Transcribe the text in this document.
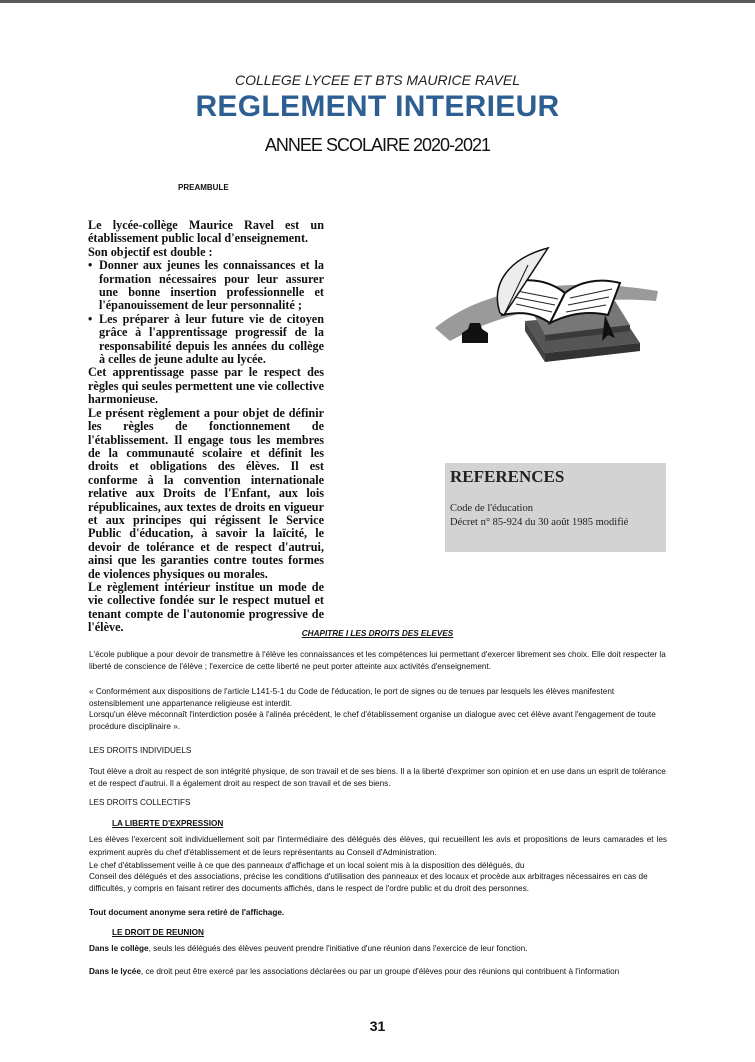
COLLEGE LYCEE ET BTS MAURICE RAVEL
REGLEMENT INTERIEUR
ANNEE SCOLAIRE 2020-2021
PREAMBULE

Le lycée-collège Maurice Ravel est un établissement public local d'enseignement.

Son objectif est double :

• Donner aux jeunes les connaissances et la formation nécessaires pour leur assurer une bonne insertion professionnelle et l'épanouissement de leur personnalité ;
• Les préparer à leur future vie de citoyen grâce à l'apprentissage progressif de la responsabilité depuis les années du collège à celles de jeune adulte au lycée.

Cet apprentissage passe par le respect des règles qui seules permettent une vie collective harmonieuse.

Le présent règlement a pour objet de définir les règles de fonctionnement de l'établissement. Il engage tous les membres de la communauté scolaire et définit les droits et obligations des élèves. Il est conforme à la convention internationale relative aux Droits de l'Enfant, aux lois républicaines, aux textes de droits en vigueur et aux principes qui régissent le Service Public d'éducation, à savoir la laïcité, le devoir de tolérance et de respect d'autrui, ainsi que les garanties contre toutes formes de violences physiques ou morales.

Le règlement intérieur institue un mode de vie collective fondée sur le respect mutuel et tenant compte de l'autonomie progressive de l'élève.

REFERENCES
Code de l'éducation
Décret n° 85-924 du 30 août 1985 modifié
CHAPITRE I LES DROITS DES ELEVES
L'école publique a pour devoir de transmettre à l'élève les connaissances et les compétences lui permettant d'exercer librement ses choix. Elle doit respecter la liberté de conscience de l'élève ; l'exercice de cette liberté ne peut porter atteinte aux activités d'enseignement.
« Conformément aux dispositions de l'article L141-5-1 du Code de l'éducation, le port de signes ou de tenues par lesquels les élèves manifestent ostensiblement une appartenance religieuse est interdit.
Lorsqu'un élève méconnaît l'interdiction posée à l'alinéa précédent, le chef d'établissement organise un dialogue avec cet élève avant l'engagement de toute procédure disciplinaire ».
LES DROITS INDIVIDUELS
Tout élève a droit au respect de son intégrité physique, de son travail et de ses biens. Il a la liberté d'exprimer son opinion et en use dans un esprit de tolérance et de respect d'autrui. Il a également droit au respect de son travail et de ses biens.
LES DROITS COLLECTIFS
LA LIBERTE D'EXPRESSION
Les élèves l'exercent soit individuellement soit par l'intermédiaire des délégués des élèves, qui recueillent les avis et propositions de leurs camarades et les expriment auprès du chef d'établissement et de leurs représentants au Conseil d'Administration.
Le chef d'établissement veille à ce que des panneaux d'affichage et un local soient mis à la disposition des délégués, du
Conseil des délégués et des associations, précise les conditions d'utilisation des panneaux et des locaux et procède aux arbitrages nécessaires en cas de difficultés, y compris en faisant retirer des documents affichés, dans le respect de l'ordre public et du droit des personnes.
Tout document anonyme sera retiré de l'affichage.
LE DROIT DE REUNION
Dans le collège, seuls les délégués des élèves peuvent prendre l'initiative d'une réunion dans l'exercice de leur fonction.
Dans le lycée, ce droit peut être exercé par les associations déclarées ou par un groupe d'élèves pour des réunions qui contribuent à l'information
31
